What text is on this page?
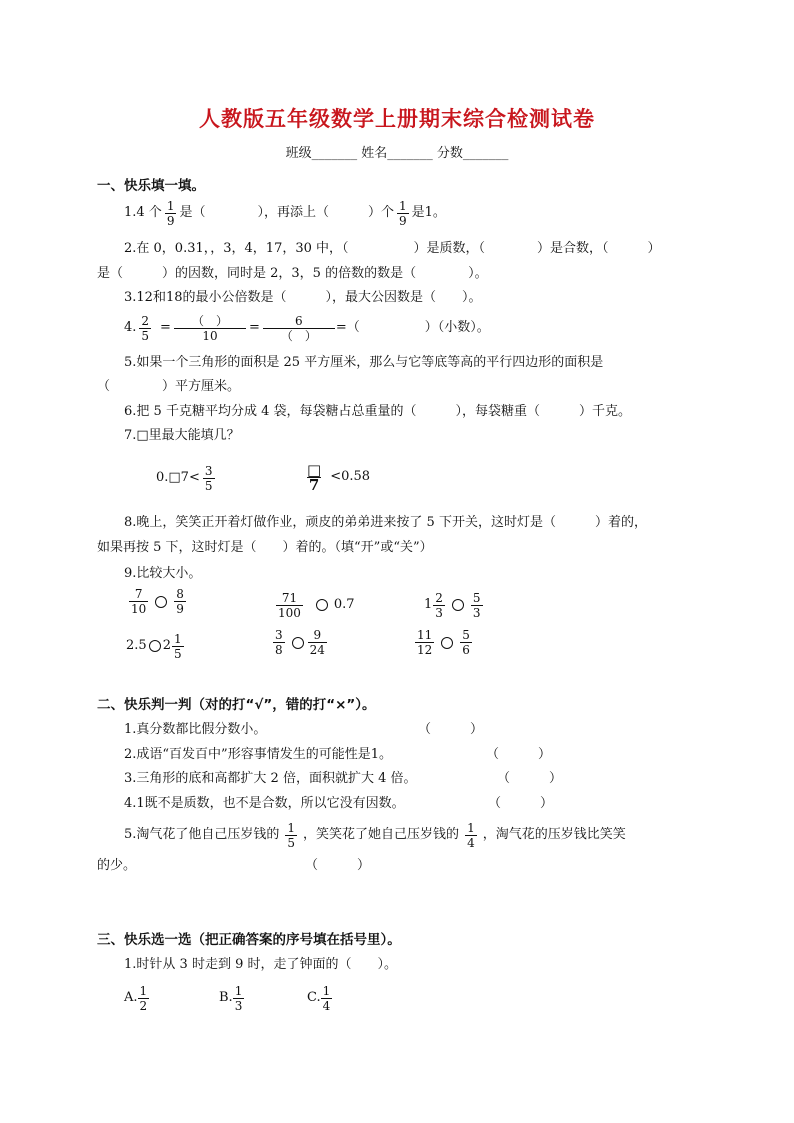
人教版五年级数学上册期末综合检测试卷
班级_______ 姓名_______ 分数_______
一、快乐填一填。
1.4 个 $\frac{1}{9}$ 是（　　　　），再添上（　　　）个 $\frac{1}{9}$ 是1。
2.在 0，0.31，，3，4，17，30 中，（　　　　　）是质数，（　　　　）是合数，（　　　）
是（　　　）的因数，同时是 2，3，5 的倍数的数是（　　　　）。
3.12和18的最小公倍数是（　　　），最大公因数是（　　）。
4. $\frac{2}{5} = \frac{( )}{10} = \frac{6}{( )}$ =（　　　　　）（小数）。
5.如果一个三角形的面积是 25 平方厘米，那么与它等底等高的平行四边形的面积是
（　　　　）平方厘米。
6.把 5 千克糖平均分成 4 袋，每袋糖占总重量的（　　　），每袋糖重（　　　）千克。
7.□里最大能填几？
0.□7< $\frac{3}{5}$	$\frac{□}{7} <0.58$
8.晚上，笑笑正开着灯做作业，顽皮的弟弟进来按了 5 下开关，这时灯是（　　　）着的，
如果再按 5 下，这时灯是（　　）着的。（填“开”或“关”）
9.比较大小。
$\frac{7}{10} \frac{8}{9}$	$\frac{71}{100} 0.7$	$1 \frac{2}{3} \frac{5}{3}$
2.5 $2 \frac{1}{5}$	$\frac{3}{8} \frac{9}{24}$	$\frac{11}{12} \frac{5}{6}$
二、快乐判一判（对的打“√”，错的打“×”）。
1.真分数都比假分数小。	（　　　）
2.成语“百发百中”形容事情发生的可能性是1。	（　　　）
3.三角形的底和高都扩大 2 倍，面积就扩大 4 倍。	（　　　）
4.1既不是质数，也不是合数，所以它没有因数。	（　　　）
5.淘气花了他自己压岁钱的 $\frac{1}{5}$ ，笑笑花了她自己压岁钱的 $\frac{1}{4}$ ，淘气花的压岁钱比笑笑
的少。	（　　　）
三、快乐选一选（把正确答案的序号填在括号里）。
1.时针从 3 时走到 9 时，走了钟面的（　　）。
A. $\frac{1}{2}$	B. $\frac{1}{3}$	C. $\frac{1}{4}$
